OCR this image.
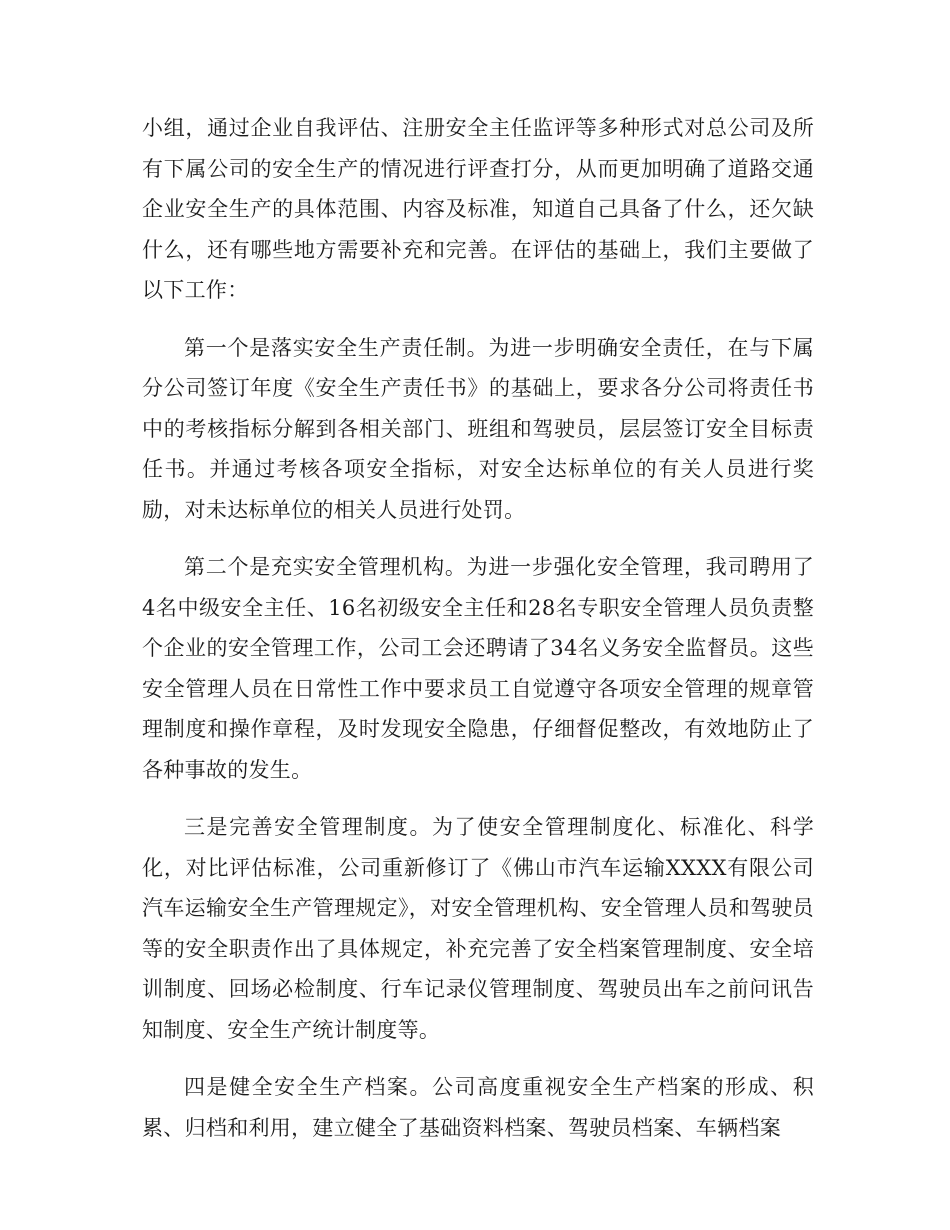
小组，通过企业自我评估、注册安全主任监评等多种形式对总公司及所有下属公司的安全生产的情况进行评查打分，从而更加明确了道路交通企业安全生产的具体范围、内容及标准，知道自己具备了什么，还欠缺什么，还有哪些地方需要补充和完善。在评估的基础上，我们主要做了以下工作：

第一个是落实安全生产责任制。为进一步明确安全责任，在与下属分公司签订年度《安全生产责任书》的基础上，要求各分公司将责任书中的考核指标分解到各相关部门、班组和驾驶员，层层签订安全目标责任书。并通过考核各项安全指标，对安全达标单位的有关人员进行奖励，对未达标单位的相关人员进行处罚。

第二个是充实安全管理机构。为进一步强化安全管理，我司聘用了4名中级安全主任、16名初级安全主任和28名专职安全管理人员负责整个企业的安全管理工作，公司工会还聘请了34名义务安全监督员。这些安全管理人员在日常性工作中要求员工自觉遵守各项安全管理的规章管理制度和操作章程，及时发现安全隐患，仔细督促整改，有效地防止了各种事故的发生。

三是完善安全管理制度。为了使安全管理制度化、标准化、科学化，对比评估标准，公司重新修订了《佛山市汽车运输XXXX有限公司汽车运输安全生产管理规定》，对安全管理机构、安全管理人员和驾驶员等的安全职责作出了具体规定，补充完善了安全档案管理制度、安全培训制度、回场必检制度、行车记录仪管理制度、驾驶员出车之前问讯告知制度、安全生产统计制度等。

四是健全安全生产档案。公司高度重视安全生产档案的形成、积累、归档和利用，建立健全了基础资料档案、驾驶员档案、车辆档案
